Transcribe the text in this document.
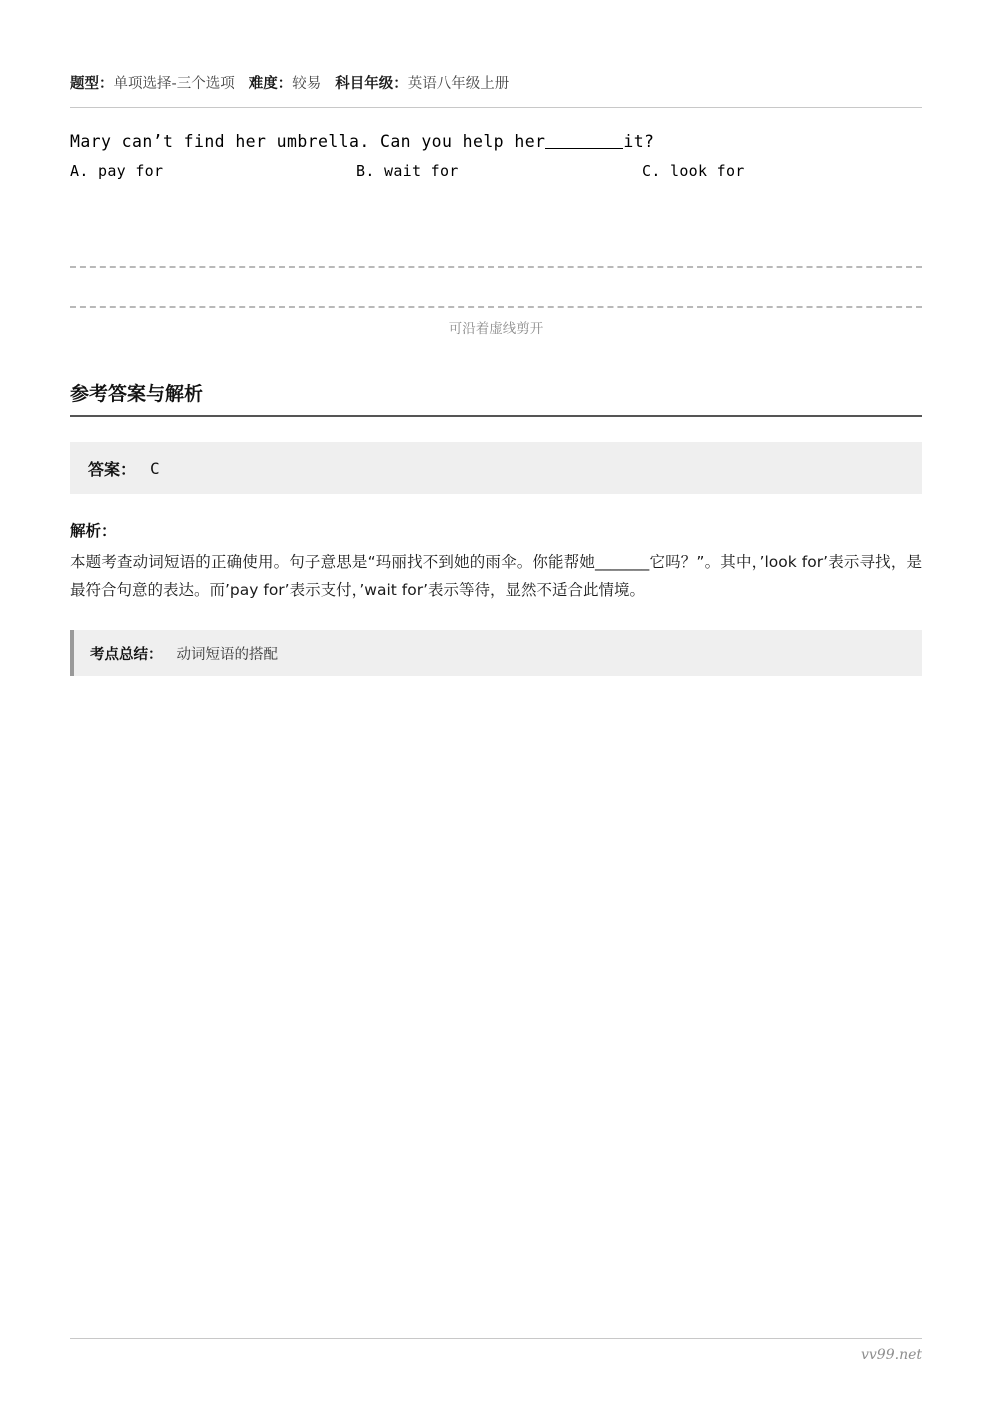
题型：单项选择-三个选项 难度：较易 科目年级：英语八年级上册
Mary can’t find her umbrella. Can you help her	it?
A. pay for	B. wait for	C. look for
可沿着虚线剪开
参考答案与解析
答案： C
解析：
本题考查动词短语的正确使用。句子意思是“玛丽找不到她的雨伞。你能帮她_______它吗？”。其中，’look for’表示寻找，是最符合句意的表达。而’pay for’表示支付，’wait for’表示等待，显然不适合此情境。
考点总结： 动词短语的搭配
vv99.net
